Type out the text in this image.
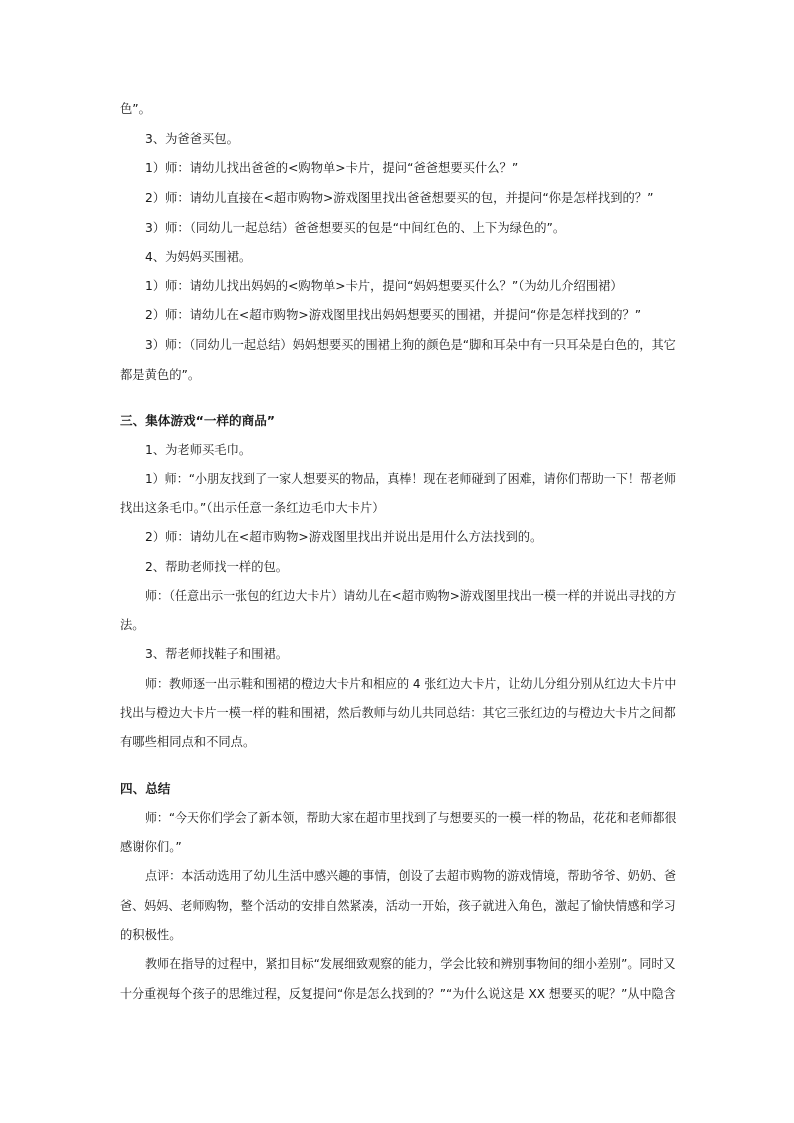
色”。
3、为爸爸买包。
1）师：请幼儿找出爸爸的<购物单>卡片，提问“爸爸想要买什么？”
2）师：请幼儿直接在<超市购物>游戏图里找出爸爸想要买的包，并提问“你是怎样找到的？”
3）师：（同幼儿一起总结）爸爸想要买的包是“中间红色的、上下为绿色的”。
4、为妈妈买围裙。
1）师：请幼儿找出妈妈的<购物单>卡片，提问“妈妈想要买什么？”（为幼儿介绍围裙）
2）师：请幼儿在<超市购物>游戏图里找出妈妈想要买的围裙，并提问“你是怎样找到的？”
3）师：（同幼儿一起总结）妈妈想要买的围裙上狗的颜色是“脚和耳朵中有一只耳朵是白色的，其它
都是黄色的”。
三、集体游戏“一样的商品”
1、为老师买毛巾。
1）师：“小朋友找到了一家人想要买的物品，真棒！现在老师碰到了困难，请你们帮助一下！帮老师
找出这条毛巾。”（出示任意一条红边毛巾大卡片）
2）师：请幼儿在<超市购物>游戏图里找出并说出是用什么方法找到的。
2、帮助老师找一样的包。
师：（任意出示一张包的红边大卡片）请幼儿在<超市购物>游戏图里找出一模一样的并说出寻找的方
法。
3、帮老师找鞋子和围裙。
师：教师逐一出示鞋和围裙的橙边大卡片和相应的 4 张红边大卡片，让幼儿分组分别从红边大卡片中
找出与橙边大卡片一模一样的鞋和围裙，然后教师与幼儿共同总结：其它三张红边的与橙边大卡片之间都
有哪些相同点和不同点。
四、总结
师：“今天你们学会了新本领，帮助大家在超市里找到了与想要买的一模一样的物品，花花和老师都很
感谢你们。”
点评：本活动选用了幼儿生活中感兴趣的事情，创设了去超市购物的游戏情境，帮助爷爷、奶奶、爸
爸、妈妈、老师购物，整个活动的安排自然紧凑，活动一开始，孩子就进入角色，激起了愉快情感和学习
的积极性。
教师在指导的过程中，紧扣目标“发展细致观察的能力，学会比较和辨别事物间的细小差别”。同时又
十分重视每个孩子的思维过程，反复提问“你是怎么找到的？”“为什么说这是 XX 想要买的呢？”从中隐含
